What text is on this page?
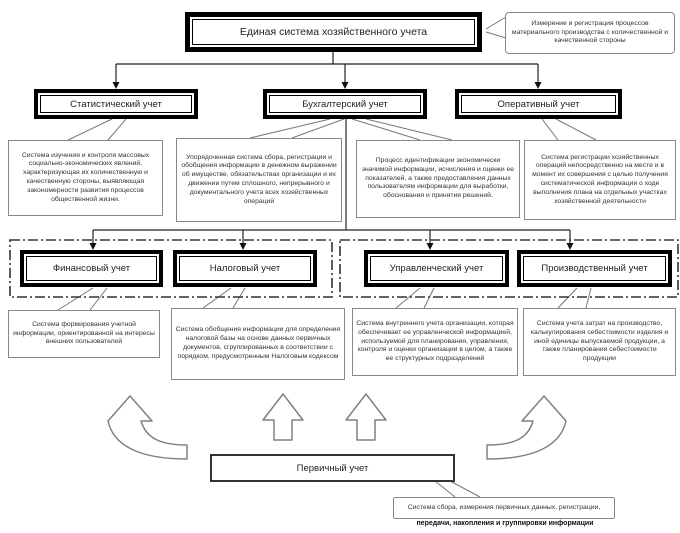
Единая система хозяйственного учета
Измерение и регистрация процессов материального производства с количественной и качественной стороны
Статистический учет	Бухгалтерский учет	Оперативный учет
Система изучения и контроля массовых социально-экономических явлений, характеризующая их количественную и качественную стороны, выявляющая закономерности развития процессов общественной жизни.
Упорядоченная система сбора, регистрации и обобщения информации в денежном выражении об имуществе, обязательствах организации и их движении путем сплошного, непрерывного и документального учета всех хозяйственных операций
Процесс идентификации экономически значимой информации, исчисления и оценки ее показателей, а также предоставления данных пользователям информации для выработки, обоснования и принятия решений.
Система регистрации хозяйственных операций непосредственно на месте и в момент их совершения с целью получения систематической информации о ходе выполнения плана на отдельных участках хозяйственной деятельности
Финансовый учет	Налоговый учет	Управленческий учет	Производственный учет
Система формирования учетной информации, ориентированной на интересы внешних пользователей
Система обобщения информации для определения налоговой базы на основе данных первичных документов, сгруппированных в соответствии с порядком, предусмотренным Налоговым кодексом
Система внутреннего учета организации, которая обеспечивает ее управленческой информацией, используемой для планирования, управления, контроля и оценки организации в целом, а также ее структурных подразделений
Система учета затрат на производство, калькулирования себестоимости изделия и иной единицы выпускаемой продукции, а также планирования себестоимости продукции
Первичный учет
Система сбора, измерения первичных данных, регистрации,
передачи, накопления и группировки информации
